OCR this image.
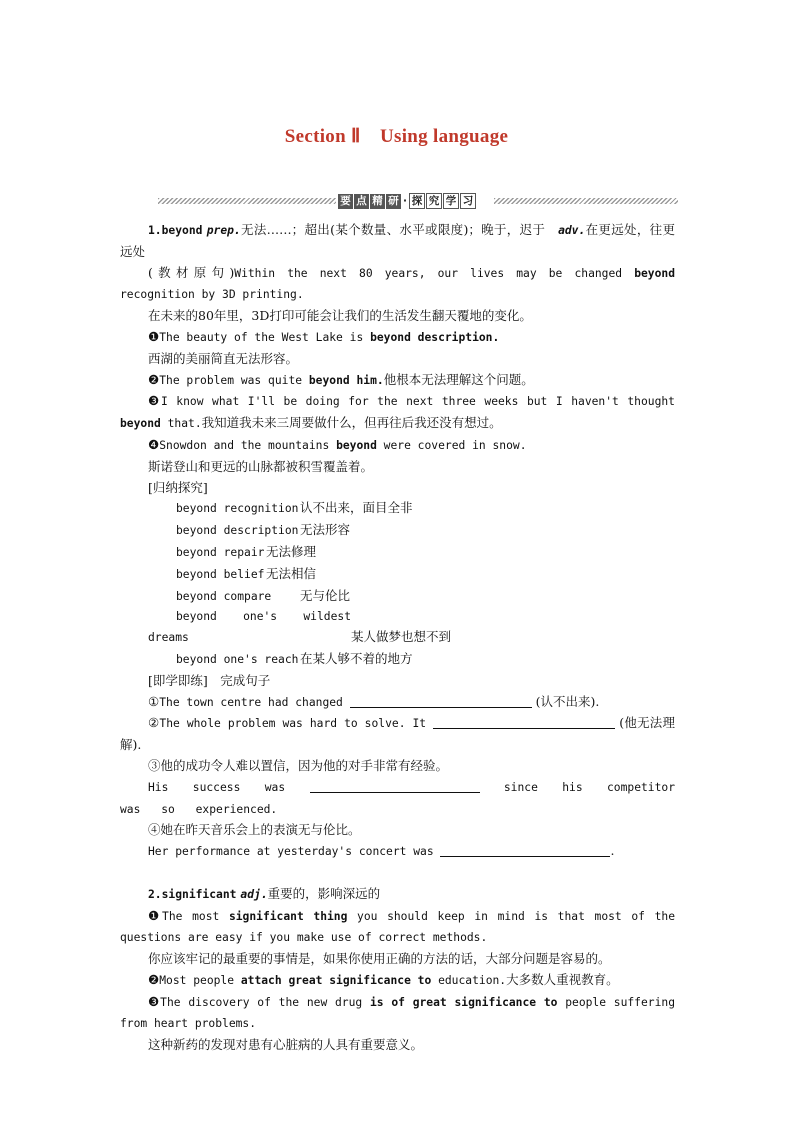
Section Ⅱ　Using language
要 点 精 研 · 探 究 学 习

1.beyond prep.无法……；超出(某个数量、水平或限度)；晚于，迟于　adv.在更远处，往更远处

(教材原句)Within the next 80 years, our lives may be changed beyond recognition by 3D printing.

在未来的80年里，3D打印可能会让我们的生活发生翻天覆地的变化。

❶The beauty of the West Lake is beyond description.

西湖的美丽简直无法形容。

❷The problem was quite beyond him.他根本无法理解这个问题。

❸I know what I'll be doing for the next three weeks but I haven't thought beyond that.我知道我未来三周要做什么，但再往后我还没有想过。

❹Snowdon and the mountains beyond were covered in snow.

斯诺登山和更远的山脉都被积雪覆盖着。

[归纳探究]

beyond recognition 认不出来，面目全非

beyond description 无法形容

beyond repair 无法修理

beyond belief 无法相信

beyond compare 无与伦比

beyond one's wildest dreams	某人做梦也想不到

beyond one's reach 在某人够不着的地方

[即学即练]　完成句子

①The town centre had changed	(认不出来).

②The whole problem was hard to solve. It	(他无法理解).

③他的成功令人难以置信，因为他的对手非常有经验。

His success was	since his competitor was so experienced.

④她在昨天音乐会上的表演无与伦比。

Her performance at yesterday's concert was	.

2.significant adj.重要的，影响深远的

❶The most significant thing you should keep in mind is that most of the questions are easy if you make use of correct methods.

你应该牢记的最重要的事情是，如果你使用正确的方法的话，大部分问题是容易的。

❷Most people attach great significance to education.大多数人重视教育。

❸The discovery of the new drug is of great significance to people suffering from heart problems.

这种新药的发现对患有心脏病的人具有重要意义。
